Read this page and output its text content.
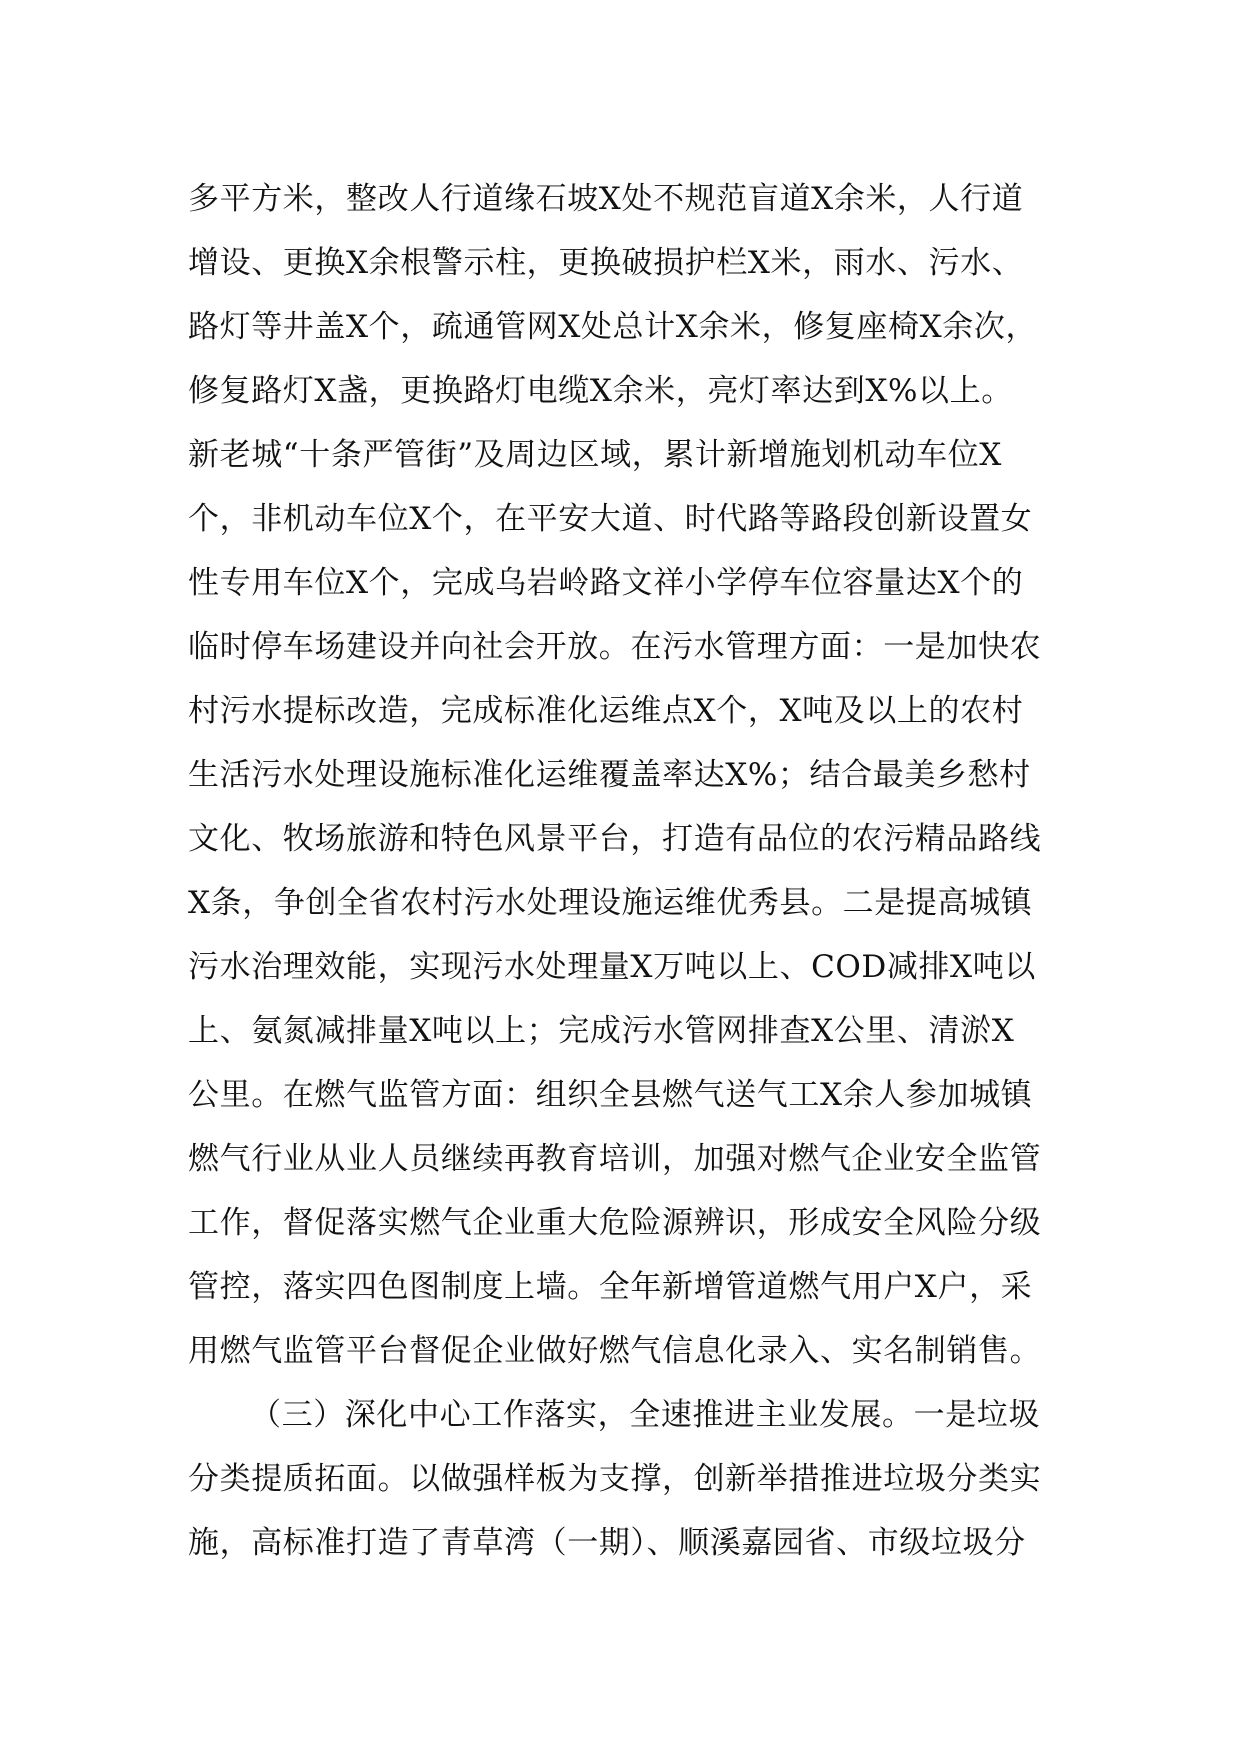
多平方米，整改人行道缘石坡X处不规范盲道X余米，人行道
增设、更换X余根警示柱，更换破损护栏X米，雨水、污水、
路灯等井盖X个，疏通管网X处总计X余米，修复座椅X余次，
修复路灯X盏，更换路灯电缆X余米，亮灯率达到X%以上。
新老城“十条严管街”及周边区域，累计新增施划机动车位X
个，非机动车位X个，在平安大道、时代路等路段创新设置女
性专用车位X个，完成乌岩岭路文祥小学停车位容量达X个的
临时停车场建设并向社会开放。在污水管理方面：一是加快农
村污水提标改造，完成标准化运维点X个，X吨及以上的农村
生活污水处理设施标准化运维覆盖率达X%；结合最美乡愁村
文化、牧场旅游和特色风景平台，打造有品位的农污精品路线
X条，争创全省农村污水处理设施运维优秀县。二是提高城镇
污水治理效能，实现污水处理量X万吨以上、COD减排X吨以
上、氨氮减排量X吨以上；完成污水管网排查X公里、清淤X
公里。在燃气监管方面：组织全县燃气送气工X余人参加城镇
燃气行业从业人员继续再教育培训，加强对燃气企业安全监管
工作，督促落实燃气企业重大危险源辨识，形成安全风险分级
管控，落实四色图制度上墙。全年新增管道燃气用户X户，采
用燃气监管平台督促企业做好燃气信息化录入、实名制销售。
（三）深化中心工作落实，全速推进主业发展。一是垃圾
分类提质拓面。以做强样板为支撑，创新举措推进垃圾分类实
施，高标准打造了青草湾（一期）、顺溪嘉园省、市级垃圾分
